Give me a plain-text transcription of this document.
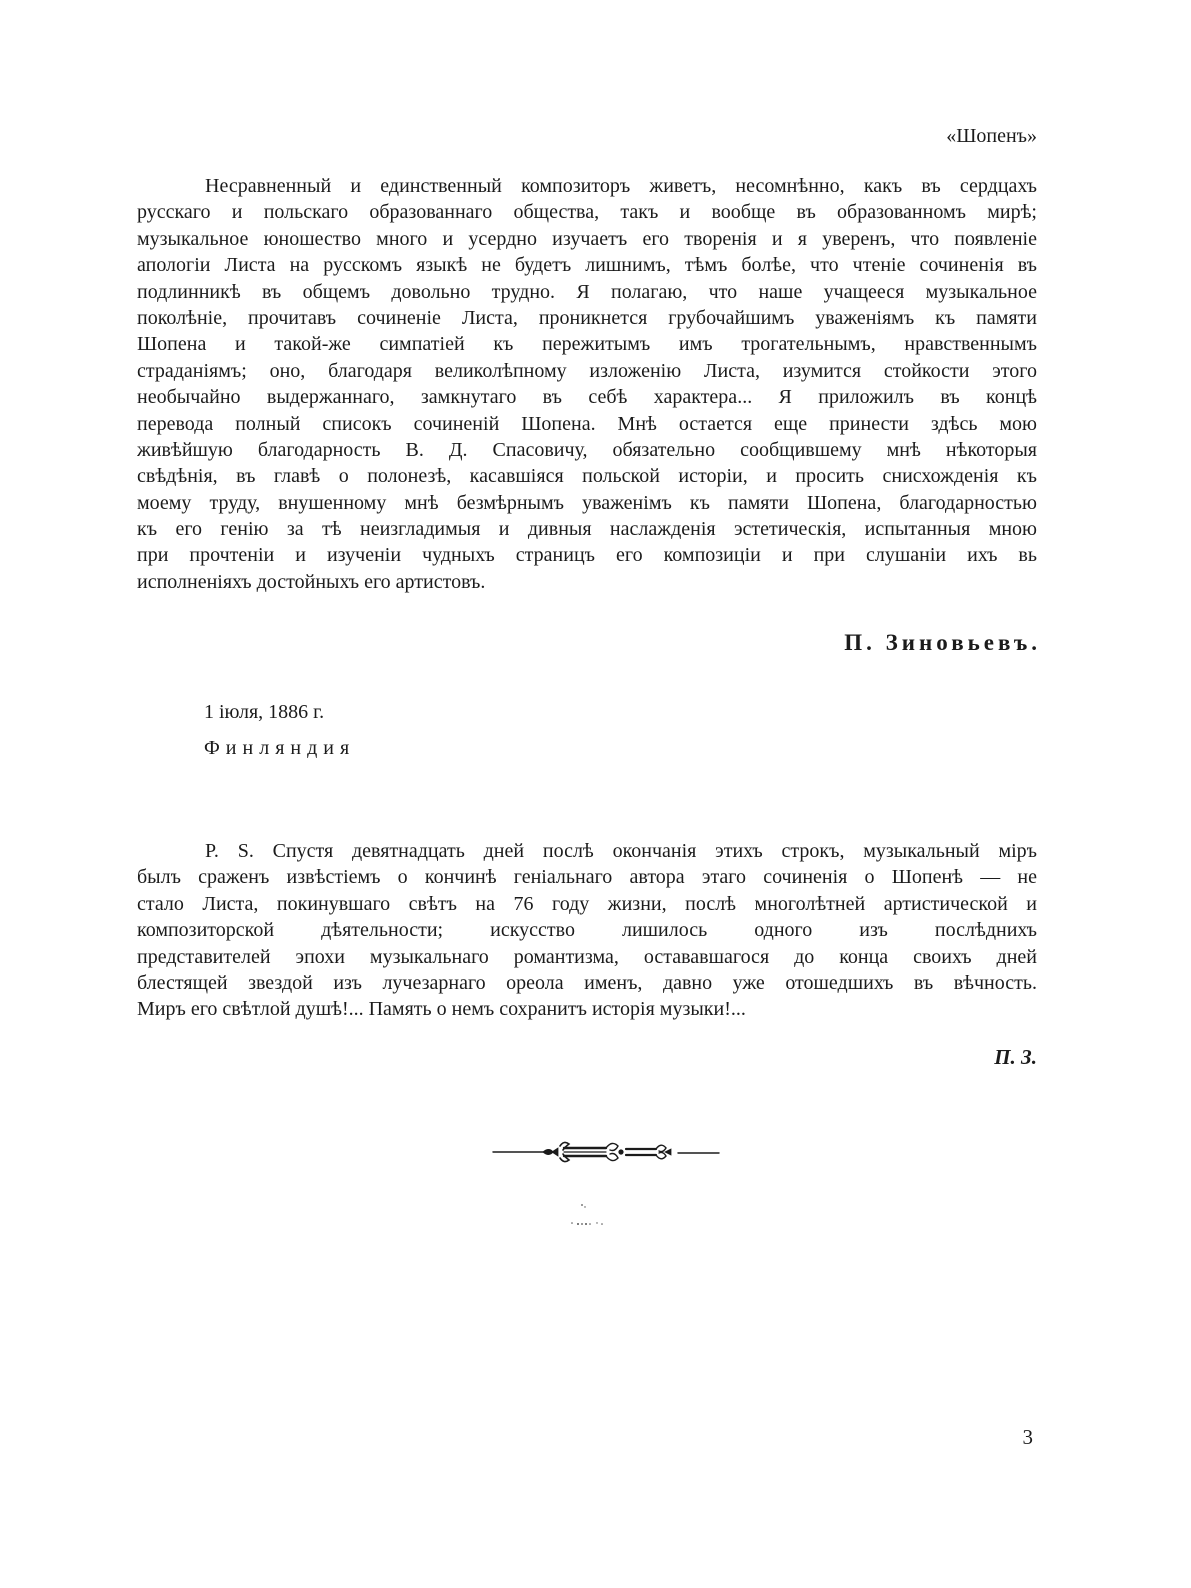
«Шопенъ»
Несравненный и единственный композиторъ живетъ, несомнѣнно, какъ въ сердцахъ
русскаго и польскаго образованнаго общества, такъ и вообще въ образованномъ мирѣ;
музыкальное юношество много и усердно изучаетъ его творенія и я уверенъ, что появленіе
апологіи Листа на русскомъ языкѣ не будетъ лишнимъ, тѣмъ болѣе, что чтеніе сочиненія въ
подлинникѣ въ общемъ довольно трудно. Я полагаю, что наше учащееся музыкальное
поколѣніе, прочитавъ сочиненіе Листа, проникнется грубочайшимъ уваженіямъ къ памяти
Шопена и такой-же симпатіей къ пережитымъ имъ трогательнымъ, нравственнымъ
страданіямъ; оно, благодаря великолѣпному изложенію Листа, изумится стойкости этого
необычайно выдержаннаго, замкнутаго въ себѣ характера... Я приложилъ въ концѣ
перевода полный списокъ сочиненій Шопена. Мнѣ остается еще принести здѣсь мою
живѣйшую благодарность В. Д. Спасовичу, обязательно сообщившему мнѣ нѣкоторыя
свѣдѣнія, въ главѣ о полонезѣ, касавшіяся польской исторіи, и просить снисхожденія къ
моему труду, внушенному мнѣ безмѣрнымъ уваженімъ къ памяти Шопена, благодарностью
къ его генію за тѣ неизгладимыя и дивныя наслажденія эстетическія, испытанныя мною
при прочтеніи и изученіи чудныхъ страницъ его композиціи и при слушаніи ихъ вь
исполненіяхъ достойныхъ его артистовъ.
П. Зиновьевъ.
1 іюля, 1886 г.
Финляндия
P. S. Спустя девятнадцать дней послѣ окончанія этихъ строкъ, музыкальный міръ
былъ сраженъ извѣстіемъ о кончинѣ геніальнаго автора этаго сочиненія о Шопенѣ — не
стало Листа, покинувшаго свѣтъ на 76 году жизни, послѣ многолѣтней артистической и
композиторской дѣятельности; искусство лишилось одного изъ послѣднихъ
представителей эпохи музыкальнаго романтизма, остававшагося до конца своихъ дней
блестящей звездой изъ лучезарнаго ореола именъ, давно уже отошедшихъ въ вѣчность.
Миръ его свѣтлой душѣ!... Память о немъ сохранитъ исторія музыки!...
П. З.
3
